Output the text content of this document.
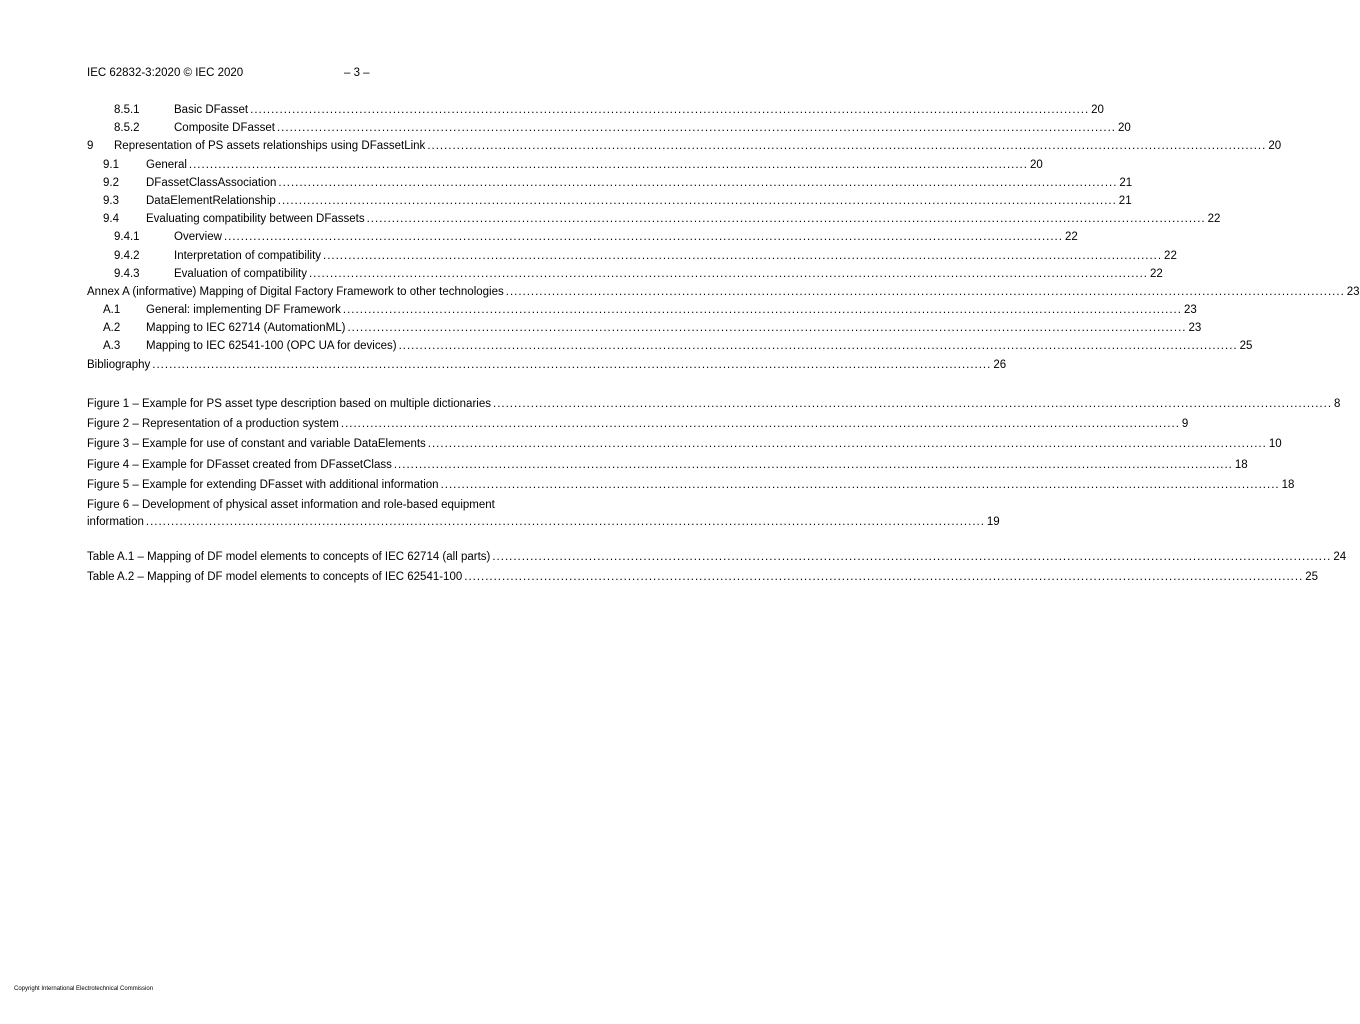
IEC 62832-3:2020 © IEC 2020	– 3 –
8.5.1	Basic DFasset ........................................................................................................................................................................................................ 20
8.5.2	Composite DFasset ........................................................................................................................................................................................................ 20
9 Representation of PS assets relationships using DFassetLink ........................................................................................................................................................................................................ 20
9.1 General ........................................................................................................................................................................................................ 20
9.2 DFassetClassAssociation ........................................................................................................................................................................................................ 21
9.3 DataElementRelationship ........................................................................................................................................................................................................ 21
9.4 Evaluating compatibility between DFassets ........................................................................................................................................................................................................ 22
9.4.1	Overview ........................................................................................................................................................................................................ 22
9.4.2	Interpretation of compatibility ........................................................................................................................................................................................................ 22
9.4.3	Evaluation of compatibility ........................................................................................................................................................................................................ 22
Annex A (informative) Mapping of Digital Factory Framework to other technologies ........................................................................................................................................................................................................ 23
A.1 General: implementing DF Framework ........................................................................................................................................................................................................ 23
A.2 Mapping to IEC 62714 (AutomationML) ........................................................................................................................................................................................................ 23
A.3 Mapping to IEC 62541-100 (OPC UA for devices) ........................................................................................................................................................................................................ 25
Bibliography ........................................................................................................................................................................................................ 26
Figure 1 – Example for PS asset type description based on multiple dictionaries ........................................................................................................................................................................................................ 8
Figure 2 – Representation of a production system ........................................................................................................................................................................................................ 9
Figure 3 – Example for use of constant and variable DataElements ........................................................................................................................................................................................................ 10
Figure 4 – Example for DFasset created from DFassetClass ........................................................................................................................................................................................................ 18
Figure 5 – Example for extending DFasset with additional information ........................................................................................................................................................................................................ 18
Figure 6 – Development of physical asset information and role-based equipment
information ........................................................................................................................................................................................................ 19
Table A.1 – Mapping of DF model elements to concepts of IEC 62714 (all parts) ........................................................................................................................................................................................................ 24
Table A.2 – Mapping of DF model elements to concepts of IEC 62541-100 ........................................................................................................................................................................................................ 25
Copyright International Electrotechnical Commission
